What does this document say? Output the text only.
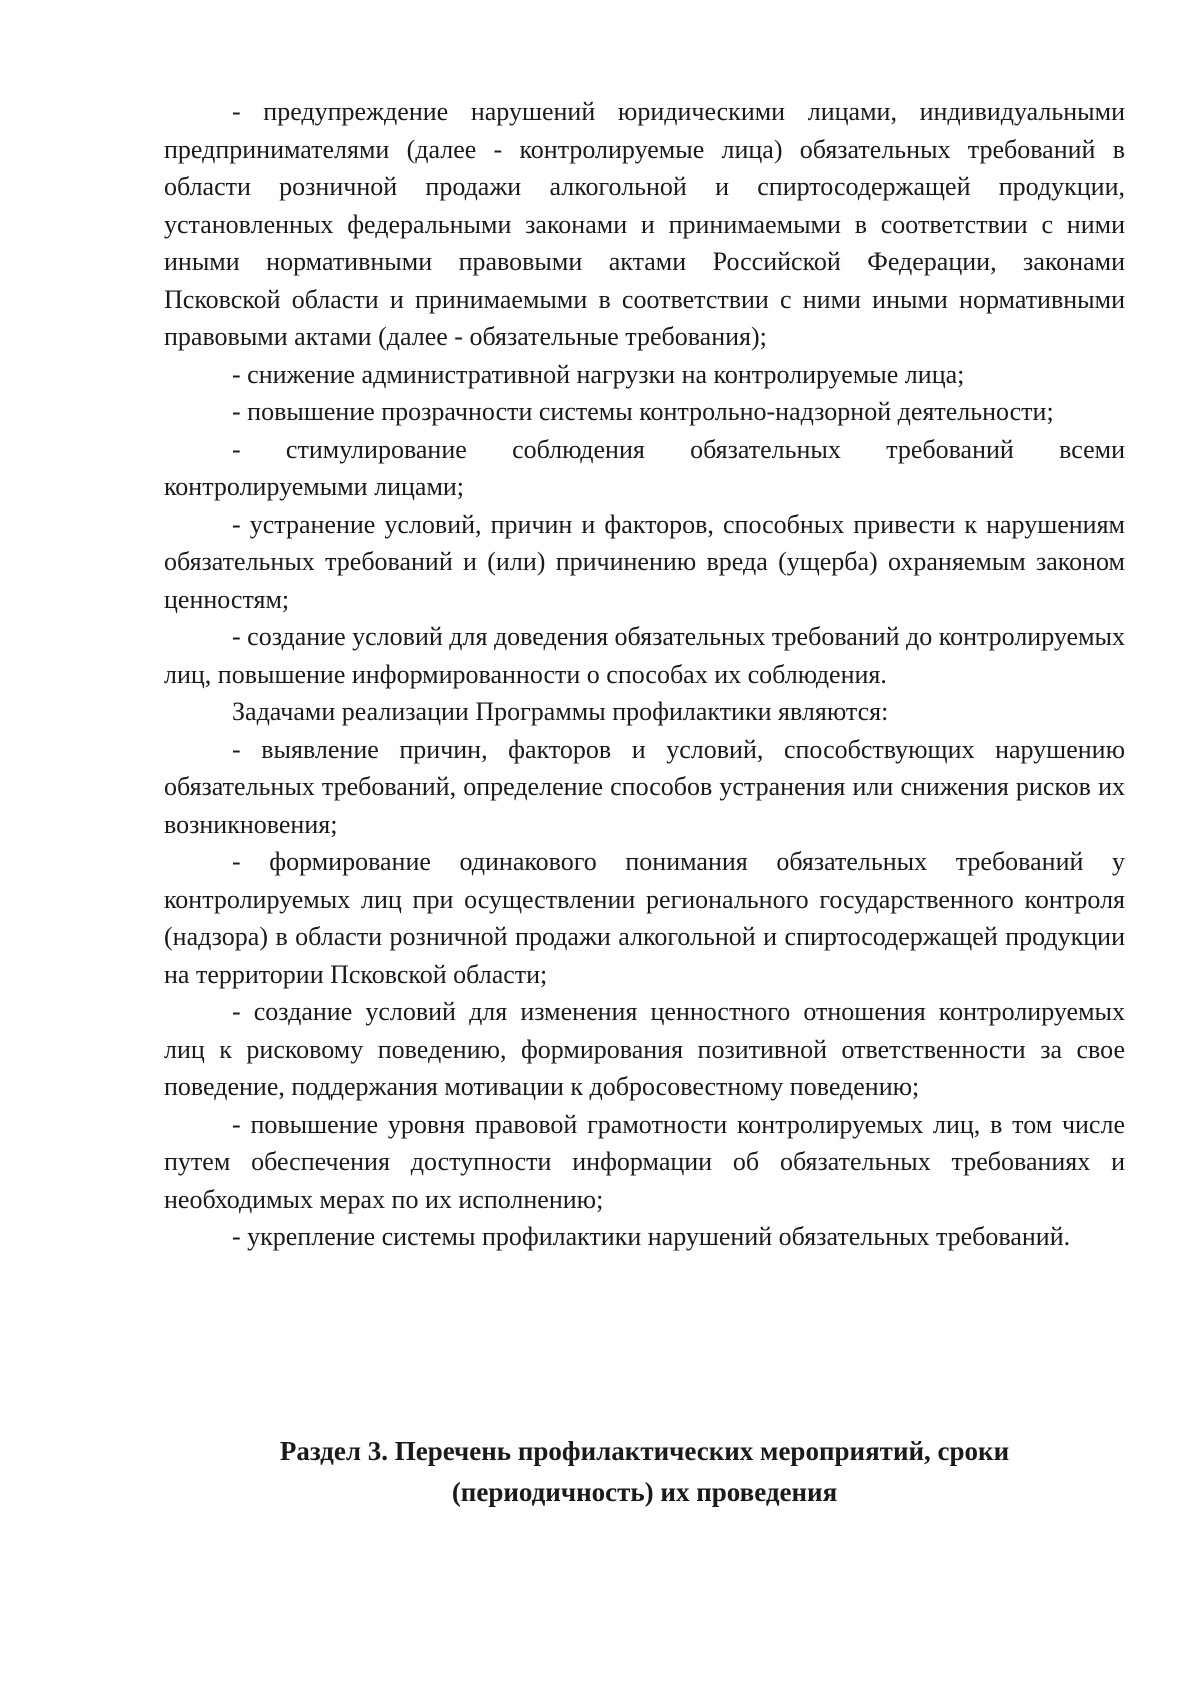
- предупреждение нарушений юридическими лицами, индивидуальными предпринимателями (далее - контролируемые лица) обязательных требований в области розничной продажи алкогольной и спиртосодержащей продукции, установленных федеральными законами и принимаемыми в соответствии с ними иными нормативными правовыми актами Российской Федерации, законами Псковской области и принимаемыми в соответствии с ними иными нормативными правовыми актами (далее - обязательные требования);

- снижение административной нагрузки на контролируемые лица;

- повышение прозрачности системы контрольно-надзорной деятельности;

- стимулирование соблюдения обязательных требований всеми контролируемыми лицами;

- устранение условий, причин и факторов, способных привести к нарушениям обязательных требований и (или) причинению вреда (ущерба) охраняемым законом ценностям;

- создание условий для доведения обязательных требований до контролируемых лиц, повышение информированности о способах их соблюдения.

Задачами реализации Программы профилактики являются:

- выявление причин, факторов и условий, способствующих нарушению обязательных требований, определение способов устранения или снижения рисков их возникновения;

- формирование одинакового понимания обязательных требований у контролируемых лиц при осуществлении регионального государственного контроля (надзора) в области розничной продажи алкогольной и спиртосодержащей продукции на территории Псковской области;

- создание условий для изменения ценностного отношения контролируемых лиц к рисковому поведению, формирования позитивной ответственности за свое поведение, поддержания мотивации к добросовестному поведению;

- повышение уровня правовой грамотности контролируемых лиц, в том числе путем обеспечения доступности информации об обязательных требованиях и необходимых мерах по их исполнению;

- укрепление системы профилактики нарушений обязательных требований.

Раздел 3. Перечень профилактических мероприятий, сроки
(периодичность) их проведения
